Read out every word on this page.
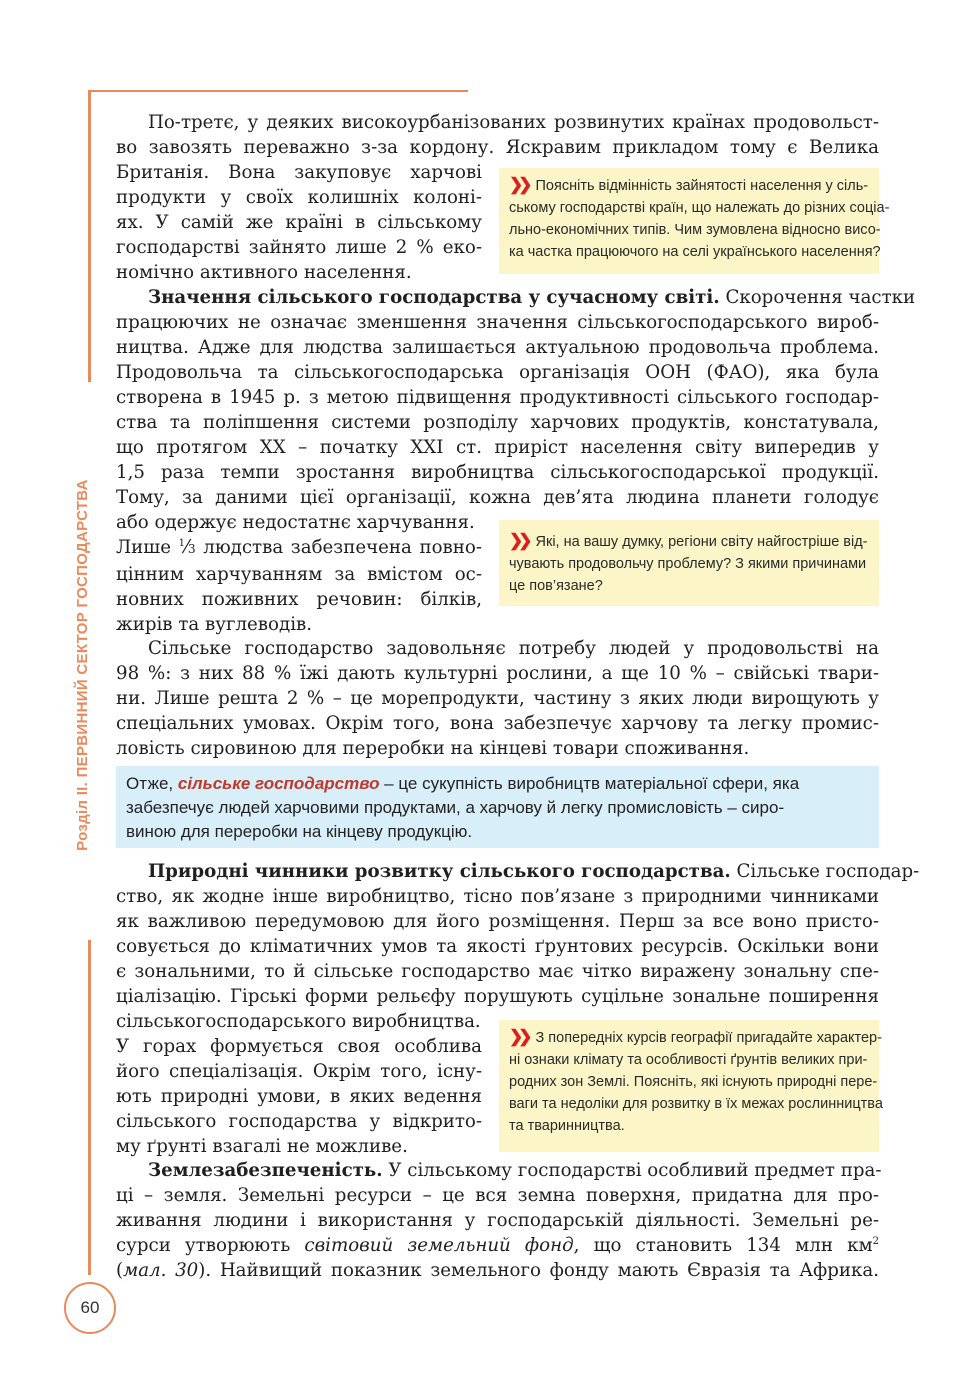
Розділ ІІ. ПЕРВИННИЙ СЕКТОР ГОСПОДАРСТВА
60
По-третє, у деяких високоурбанізованих розвинутих країнах продовольст-
во завозять переважно з-за кордону. Яскравим прикладом тому є Велика
Британія. Вона закуповує харчові
продукти у своїх колишніх колоні-
ях. У самій же країні в сільському
господарстві зайнято лише 2 % еко-
номічно активного населення.
❯❯ Поясніть відмінність зайнятості населення у сіль-
ському господарстві країн, що належать до різних соціа-
льно-економічних типів. Чим зумовлена відносно висо-
ка частка працюючого на селі українського населення?
Значення сільського господарства у сучасному світі. Скорочення частки
працюючих не означає зменшення значення сільськогосподарського вироб-
ництва. Адже для людства залишається актуальною продовольча проблема.
Продовольча та сільськогосподарська організація ООН (ФАО), яка була
створена в 1945 р. з метою підвищення продуктивності сільського господар-
ства та поліпшення системи розподілу харчових продуктів, констатувала,
що протягом ХХ – початку ХХІ ст. приріст населення світу випередив у
1,5 раза темпи зростання виробництва сільськогосподарської продукції.
Тому, за даними цієї організації, кожна дев’ята людина планети голодує
або одержує недостатнє харчування.
Лише $^1$⁄3 людства забезпечена повно-
цінним харчуванням за вмістом ос-
новних поживних речовин: білків,
жирів та вуглеводів.
❯❯ Які, на вашу думку, регіони світу найгостріше від-
чувають продовольчу проблему? З якими причинами
це пов’язане?
Сільське господарство задовольняє потребу людей у продовольстві на
98 %: з них 88 % їжі дають культурні рослини, а ще 10 % – свійські твари-
ни. Лише решта 2 % – це морепродукти, частину з яких люди вирощують у
спеціальних умовах. Окрім того, вона забезпечує харчову та легку промис-
ловість сировиною для переробки на кінцеві товари споживання.
Отже, сільське господарство – це сукупність виробництв матеріальної сфери, яка
забезпечує людей харчовими продуктами, а харчову й легку промисловість – сиро-
виною для переробки на кінцеву продукцію.
Природні чинники розвитку сільського господарства. Сільське господар-
ство, як жодне інше виробництво, тісно пов’язане з природними чинниками
як важливою передумовою для його розміщення. Перш за все воно присто-
совується до кліматичних умов та якості ґрунтових ресурсів. Оскільки вони
є зональними, то й сільське господарство має чітко виражену зональну спе-
ціалізацію. Гірські форми рельєфу порушують суцільне зональне поширення
сільськогосподарського виробництва.
У горах формується своя особлива
його спеціалізація. Окрім того, існу-
ють природні умови, в яких ведення
сільського господарства у відкрито-
му ґрунті взагалі не можливе.
❯❯ З попередніх курсів географії пригадайте характер-
ні ознаки клімату та особливості ґрунтів великих при-
родних зон Землі. Поясніть, які існують природні пере-
ваги та недоліки для розвитку в їх межах рослинництва
та тваринництва.
Землезабезпеченість. У сільському господарстві особливий предмет пра-
ці – земля. Земельні ресурси – це вся земна поверхня, придатна для про-
живання людини і використання у господарській діяльності. Земельні ре-
сурси утворюють світовий земельний фонд, що становить 134 млн $км^2$
(мал. 30). Найвищий показник земельного фонду мають Євразія та Африка.
